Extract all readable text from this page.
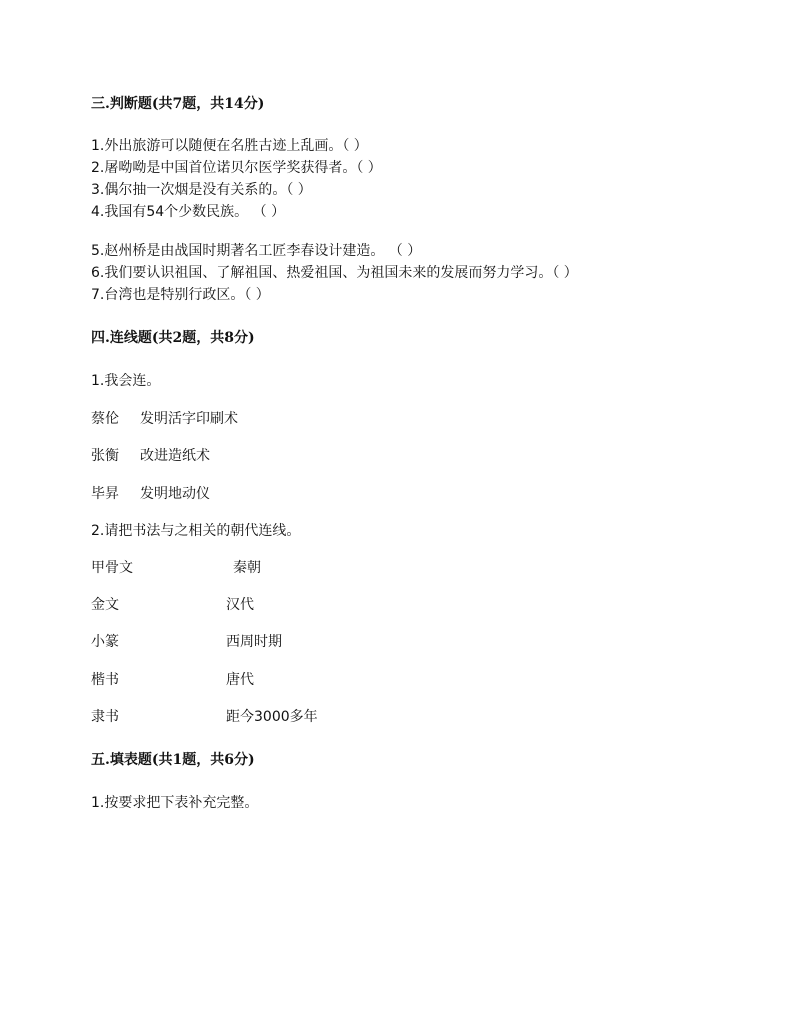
三.判断题(共7题，共14分)
1.外出旅游可以随便在名胜古迹上乱画。（ ）
2.屠呦呦是中国首位诺贝尔医学奖获得者。（ ）
3.偶尔抽一次烟是没有关系的。（ ）
4.我国有54个少数民族。 （ ）
5.赵州桥是由战国时期著名工匠李春设计建造。 （ ）
6.我们要认识祖国、了解祖国、热爱祖国、为祖国未来的发展而努力学习。（ ）
7.台湾也是特别行政区。（ ）
四.连线题(共2题，共8分)
1.我会连。
蔡伦 发明活字印刷术
张衡 改进造纸术
毕昇 发明地动仪
2.请把书法与之相关的朝代连线。
甲骨文	秦朝
金文	汉代
小篆	西周时期
楷书	唐代
隶书	距今3000多年
五.填表题(共1题，共6分)
1.按要求把下表补充完整。
